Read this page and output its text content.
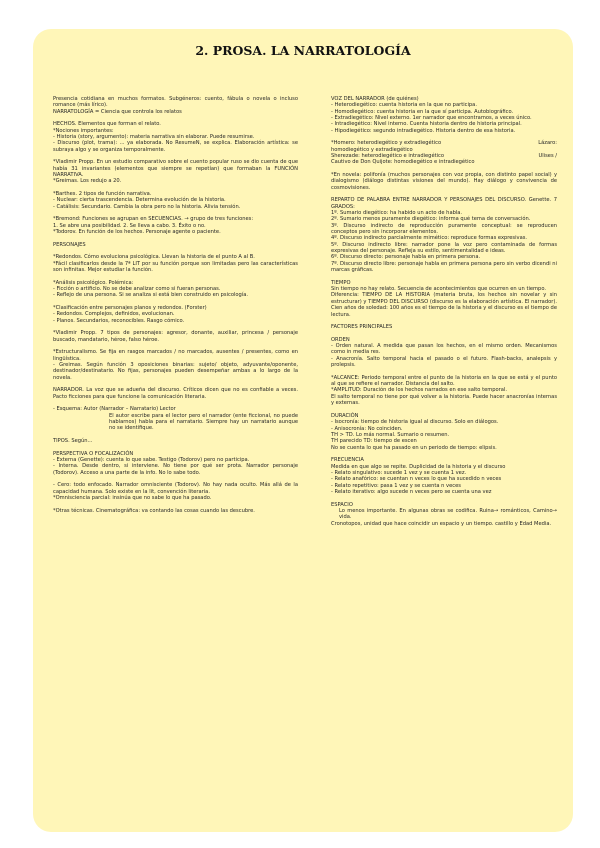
2. PROSA. LA NARRATOLOGÍA

Presencia cotidiana en muchos formatos. Subgéneros: cuento, fábula o novela o incluso romance (más lírico).

NARRATOLOGÍA = Ciencia que controla los relatos

HECHOS. Elementos que forman el relato.

*Nociones importantes:

- Historia (story, argumento): materia narrativa sin elaborar. Puede resumirse.

- Discurso (plot, trama): ... ya elaborada. No ResumeN, se explica. Elaboración artística: se subraya algo y se organiza temporalmente.

*Vladimir Propp. En un estudio comparativo sobre el cuento popular ruso se dio cuenta de que había 31 invariantes (elementos que siempre se repetían) que formaban la FUNCIÓN NARRATIVA.

*Greimas. Los redujo a 20.

*Barthes. 2 tipos de función narrativa.

- Nuclear: cierta trascendencia. Determina evolución de la historia.

- Catálisis: Secundario. Cambia la obra pero no la historia. Alivia tensión.

*Bremond: Funciones se agrupan en SECUENCIAS. → grupo de tres funciones:

1. Se abre una posibilidad. 2. Se lleva a cabo. 3. Éxito o no.

*Todorov. En función de los hechos. Personaje agente o paciente.

PERSONAJES

*Redondos. Cómo evoluciona psicológica. Llevan la historia de el punto A al B.

*Fácil clasificarlos desde la 7ª LIT por su función porque son limitadas pero las características son infinitas. Mejor estudiar la función.

*Análisis psicológico. Polémica:

- Ficción o artificio. No se debe analizar como si fueran personas.

- Reflejo de una persona. Si se analiza si está bien construido en psicología.

*Clasificación entre personajes planos y redondos. (Forster)

- Redondos. Complejos, definidos, evolucionan.

- Planos. Secundarios, reconocibles. Rasgo cómico.

*Vladimir Propp. 7 tipos de personajes: agresor, donante, auxiliar, princesa / personaje buscado, mandatario, héroe, falso héroe.

*Estructuralismo. Se fija en rasgos marcados / no marcados, ausentes / presentes, como en lingüística.

- Greimas. Según función 3 oposiciones binarias: sujeto/ objeto, adyuvante/oponente, destinador/destinatario. No fijas, personajes pueden desempeñar ambas a lo largo de la novela.

NARRADOR. La voz que se adueña del discurso. Críticos dicen que no es confiable a veces. Pacto ficciones para que funcione la comunicación literaria.

- Esquema: Autor (Narrador – Narratario) Lector

El autor escribe para el lector pero el narrador (ente ficcional, no puede hablarnos) habla para el narratario. Siempre hay un narratario aunque no se identifique.

TIPOS. Según...

PERSPECTIVA O FOCALIZACIÓN

- Externa (Genette): cuenta lo que sabe. Testigo (Todorov) pero no participa.

- Interna. Desde dentro, si interviene. No tiene por qué ser prota. Narrador personaje (Todorov). Acceso a una parte de la info. No lo sabe todo.

- Cero: todo enfocado. Narrador omnisciente (Todorov). No hay nada oculto. Más allá de la capacidad humana. Solo existe en la lit, convención literaria.

*Omnisciencia parcial: insinúa que no sabe lo que ha pasado.

*Otras técnicas. Cinematográfica: va contando las cosas cuando las descubre.

VOZ DEL NARRADOR (de quiénes)

- Heterodiegético: cuenta historia en la que no participa.

- Homodiegético: cuenta historia en la que sí participa. Autobiográfico.

- Extradiegético: Nivel externo. 1er narrador que encontramos, a veces único.

- Intradiegético: Nivel interno. Cuenta historia dentro de historia principal.

- Hipodiegético: segundo intradiegético. Historia dentro de esa historia.

*Homero: heterodiegético y extradiegético	Lázaro:

homodiegético y extradiegético

Sherezade: heterodiegético e intradiegético	Ulises /

Cautivo de Don Quijote: homodiegético e intradiegético

*En novela: polifonía (muchos personajes con voz propia, con distinto papel social) y dialogismo (diálogo distintas visiones del mundo). Hay diálogo y convivencia de cosmovisiones.

REPARTO DE PALABRA ENTRE NARRADOR Y PERSONAJES DEL DISCURSO. Genette. 7 GRADOS:

1º. Sumario diegético: ha habido un acto de habla.

2º. Sumario menos puramente diegético: informa qué tema de conversación.

3º. Discurso indirecto de reproducción puramente conceptual: se reproducen conceptos pero sin incorporar elementos.

4º. Discurso indirecto parcialmente mimético: reproduce formas expresivas.

5º. Discurso indirecto libre: narrador pone la voz pero contaminada de formas expresivas del personaje. Refleja su estilo, sentimentalidad e ideas.

6º. Discurso directo: personaje habla en primera persona.

7º. Discurso directo libre: personaje habla en primera persona pero sin verbo dicendi ni marcas gráficas.

TIEMPO

Sin tiempo no hay relato. Secuencia de acontecimientos que ocurren en un tiempo.

Diferencia: TIEMPO DE LA HISTORIA (materia bruta, los hechos sin novelar y sin estructurar) y TIEMPO DEL DISCURSO (discurso es la elaboración artística. El narrador). Cien años de soledad: 100 años es el tiempo de la historia y el discurso es el tiempo de lectura.

FACTORES PRINCIPALES

ORDEN

- Orden natural. A medida que pasan los hechos, en el mismo orden. Mecanismos como in media res.

- Anacronía. Salto temporal hacia el pasado o el futuro. Flash-backs, analepsis y prolepsis.

*ALCANCE: Periodo temporal entre el punto de la historia en la que se está y el punto al que se refiere el narrador. Distancia del salto.

*AMPLITUD: Duración de los hechos narrados en ese salto temporal.

El salto temporal no tiene por qué volver a la historia. Puede hacer anacronías internas y externas.

DURACIÓN

- Isocronía: tiempo de historia igual al discurso. Solo en diálogos.

- Anisocronía: No coinciden.

TH > TD. Lo más normal. Sumario o resumen.

TH parecido TD: tiempo de escen

No se cuenta lo que ha pasado en un periodo de tiempo: elipsis.

FRECUENCIA

Medida en que algo se repite. Duplicidad de la historia y el discurso

- Relato singulativo: sucede 1 vez y se cuenta 1 vez.

- Relato anafórico: se cuentan n veces lo que ha sucedido n veces

- Relato repetitivo: pasa 1 vez y se cuenta n veces

- Relato iterativo: algo sucede n veces pero se cuenta una vez

ESPACIO

Lo menos importante. En algunas obras se codifica. Ruina→ románticos, Camino→ vida.

Cronotopos, unidad que hace coincidir un espacio y un tiempo. castillo y Edad Media.
